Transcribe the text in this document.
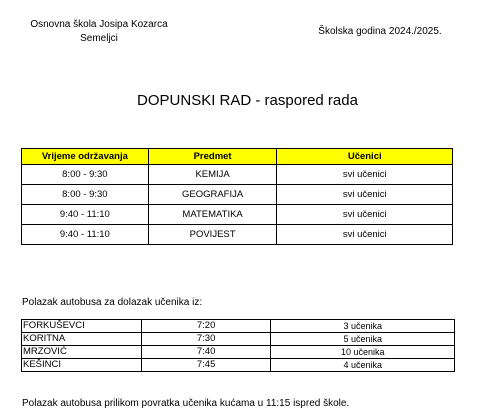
Osnovna škola Josipa Kozarca
Semeljci
Školska godina 2024./2025.
DOPUNSKI RAD - raspored rada
Vrijeme održavanja	Predmet	Učenici
8:00 - 9:30	KEMIJA	svi učenici
8:00 - 9:30	GEOGRAFIJA	svi učenici
9:40 - 11:10	MATEMATIKA	svi učenici
9:40 - 11:10	POVIJEST	svi učenici
Polazak autobusa za dolazak učenika iz:
FORKUŠEVCI	7:20	3 učenika
KORITNA	7:30	5 učenika
MRZOVIĆ	7:40	10 učenika
KEŠINCI	7:45	4 učenika
Polazak autobusa prilikom povratka učenika kućama u 11:15 ispred škole.
